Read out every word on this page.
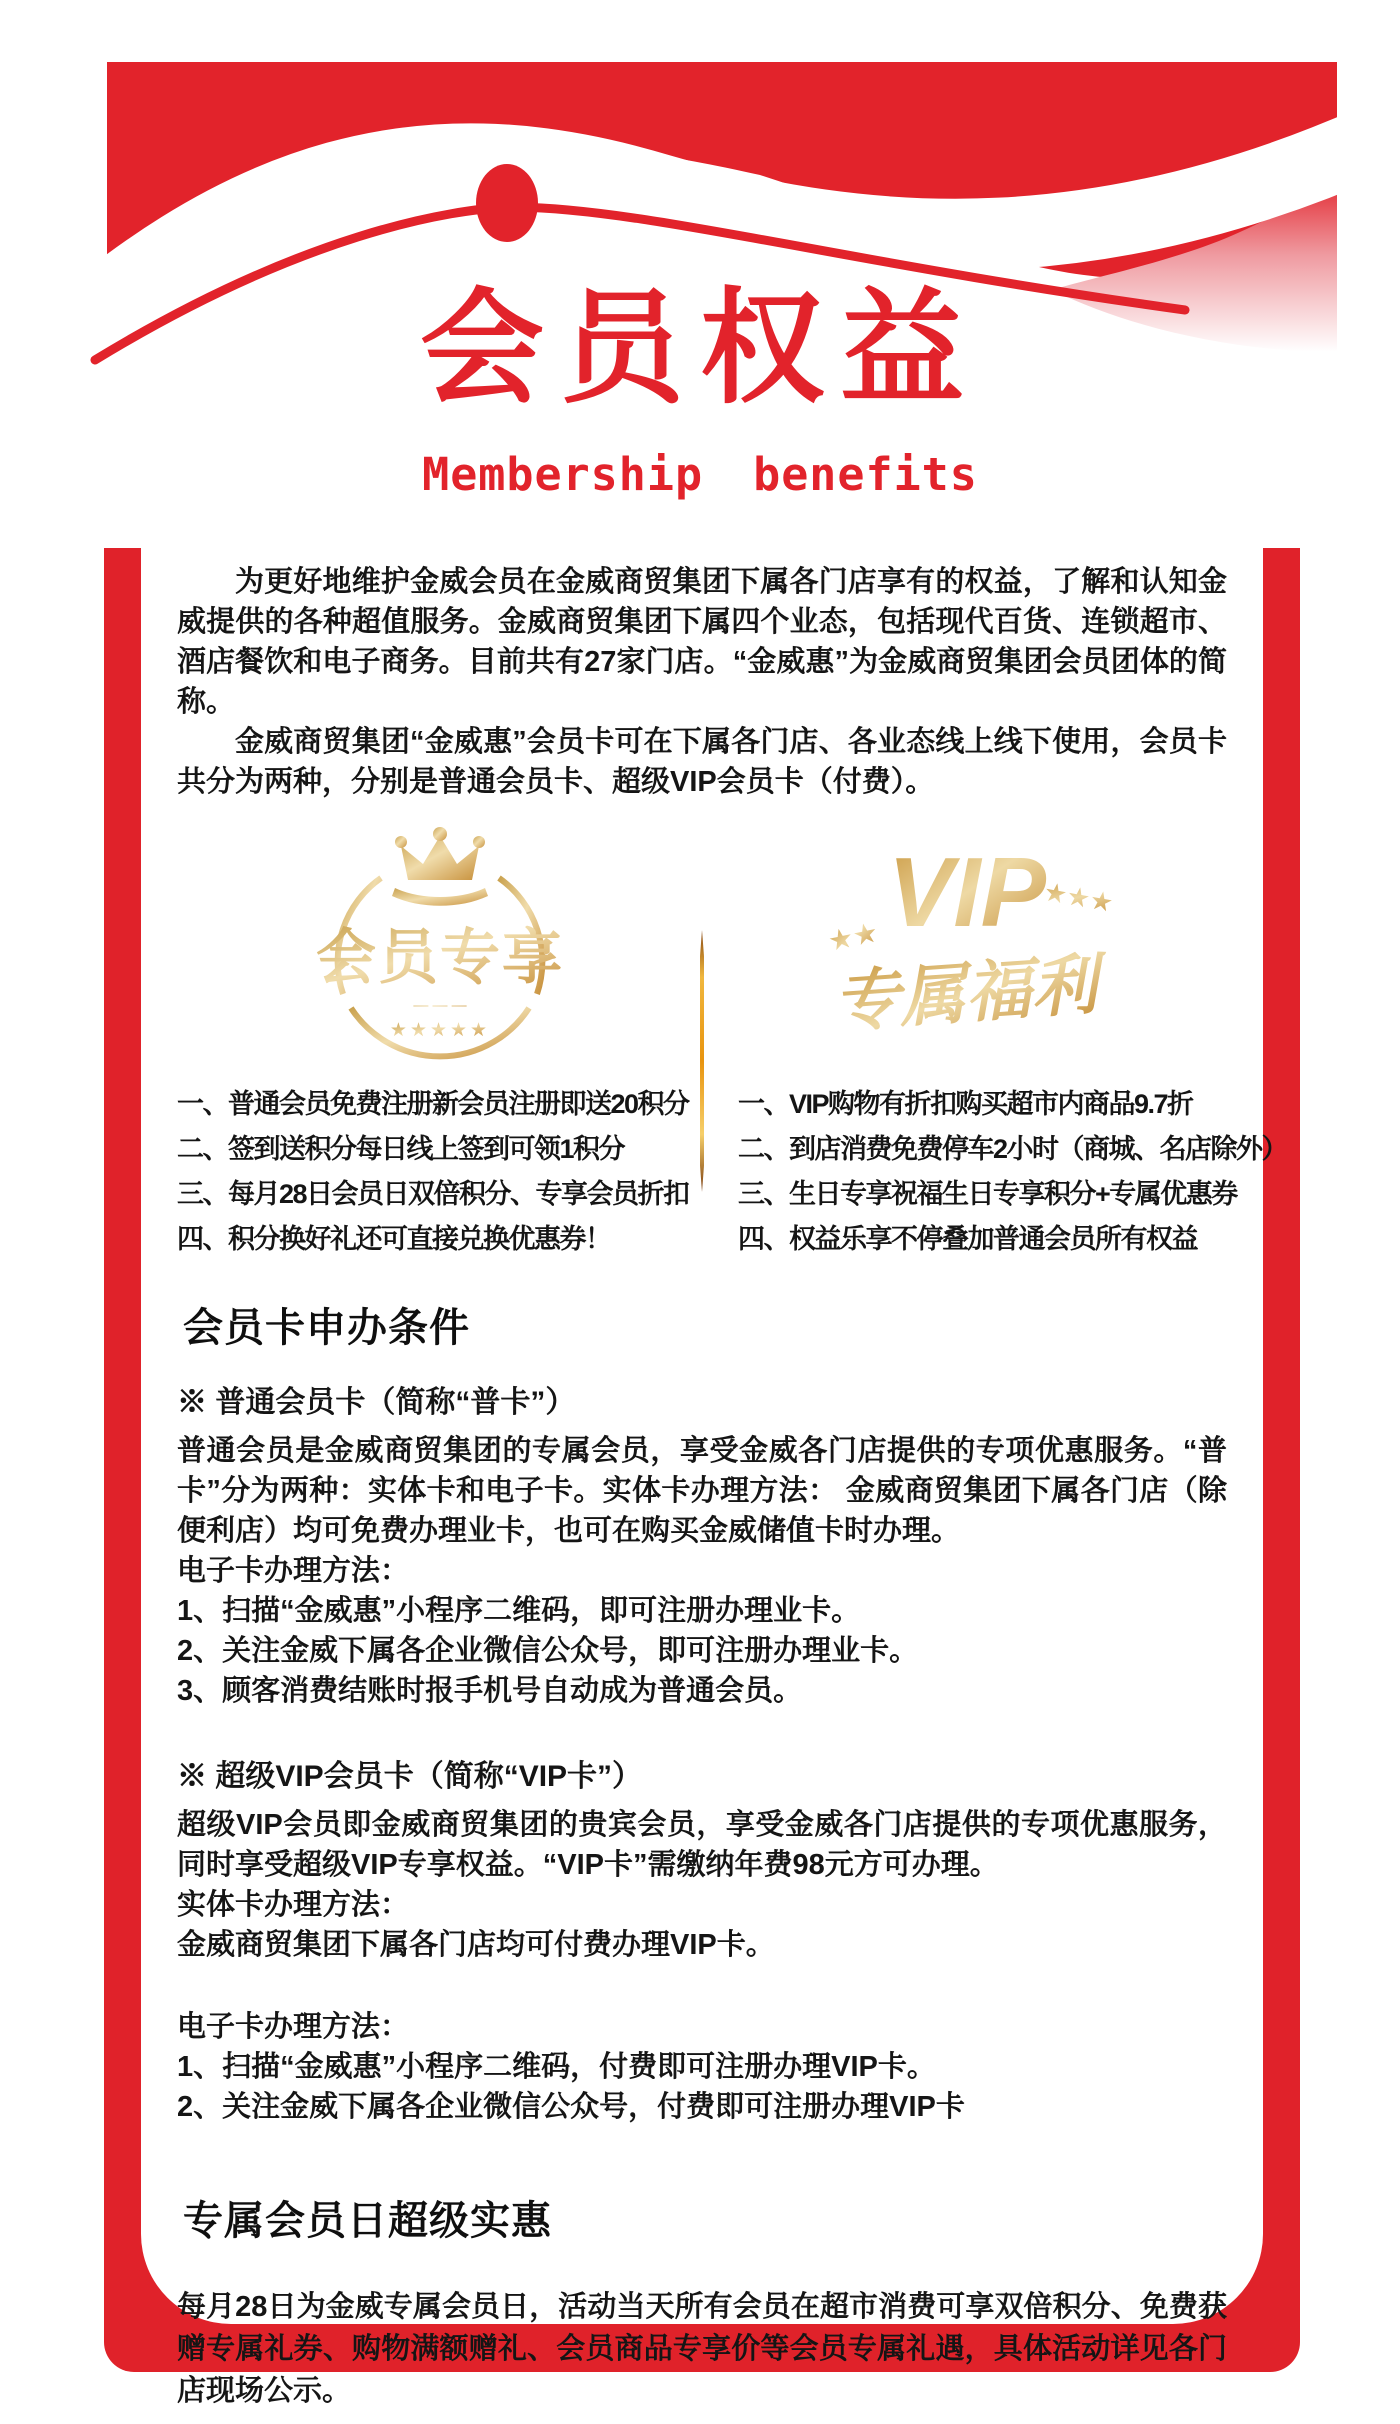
会员权益
Membership benefits

为更好地维护金威会员在金威商贸集团下属各门店享有的权益，了解和认知金威提供的各种超值服务。金威商贸集团下属四个业态，包括现代百货、连锁超市、酒店餐饮和电子商务。目前共有27家门店。“金威惠”为金威商贸集团会员团体的简称。

金威商贸集团“金威惠”会员卡可在下属各门店、各业态线上线下使用，会员卡共分为两种，分别是普通会员卡、超级VIP会员卡（付费）。

会员专享
— — —
★★★★★
★★
★★★
VIP
专属福利
一、普通会员免费注册新会员注册即送20积分
二、签到送积分每日线上签到可领1积分
三、每月28日会员日双倍积分、专享会员折扣
四、积分换好礼还可直接兑换优惠券！
一、VIP购物有折扣购买超市内商品9.7折
二、到店消费免费停车2小时（商城、名店除外）
三、生日专享祝福生日专享积分+专属优惠券
四、权益乐享不停叠加普通会员所有权益
会员卡申办条件
※ 普通会员卡（简称“普卡”）

普通会员是金威商贸集团的专属会员，享受金威各门店提供的专项优惠服务。“普卡”分为两种：实体卡和电子卡。实体卡办理方法： 金威商贸集团下属各门店（除便利店）均可免费办理业卡，也可在购买金威储值卡时办理。

电子卡办理方法：
1、扫描“金威惠”小程序二维码，即可注册办理业卡。
2、关注金威下属各企业微信公众号，即可注册办理业卡。
3、顾客消费结账时报手机号自动成为普通会员。
※ 超级VIP会员卡（简称“VIP卡”）

超级VIP会员即金威商贸集团的贵宾会员，享受金威各门店提供的专项优惠服务，同时享受超级VIP专享权益。“VIP卡”需缴纳年费98元方可办理。

实体卡办理方法：
金威商贸集团下属各门店均可付费办理VIP卡。
电子卡办理方法：
1、扫描“金威惠”小程序二维码，付费即可注册办理VIP卡。
2、关注金威下属各企业微信公众号，付费即可注册办理VIP卡
专属会员日超级实惠

每月28日为金威专属会员日，活动当天所有会员在超市消费可享双倍积分、免费获赠专属礼券、购物满额赠礼、会员商品专享价等会员专属礼遇，具体活动详见各门店现场公示。
